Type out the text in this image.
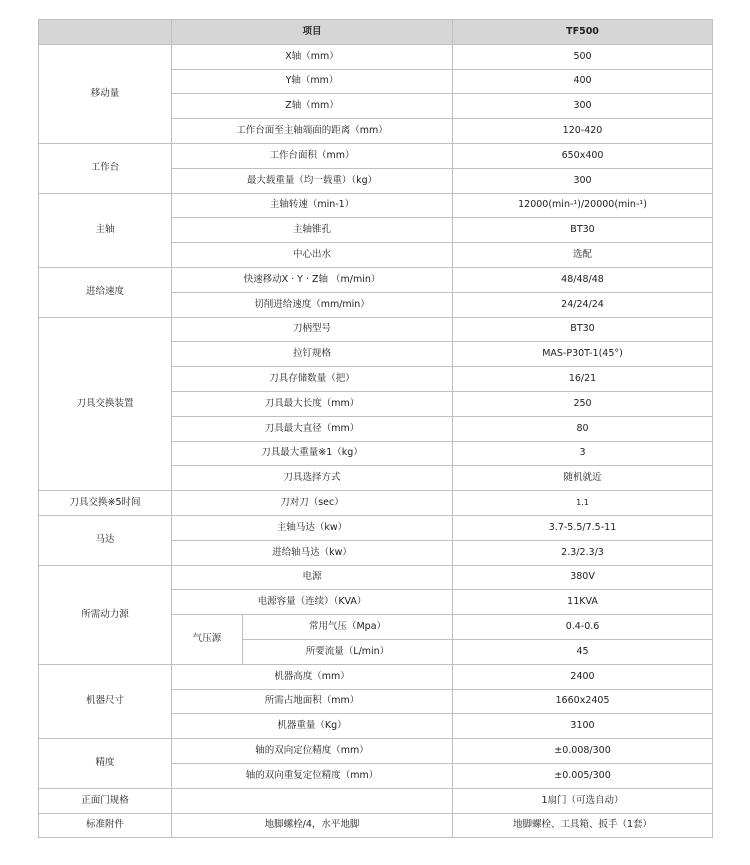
	项目		TF500
移动量	X轴（mm）		500
	Y轴（mm）		400
	Z轴（mm）		300
	工作台面至主轴端面的距离（mm）		120-420
工作台	工作台面积（mm）		650x400
	最大载重量（均一载重）（kg）		300
主轴	主轴转速（min-1）		12000(min-¹)/20000(min-¹)
	主轴锥孔		BT30
	中心出水		选配
进给速度	快速移动X · Y · Z轴 （m/min）		48/48/48
	切削进给速度（mm/min）		24/24/24
刀具交换装置	刀柄型号		BT30
	拉钉规格		MAS-P30T-1(45°)
	刀具存储数量（把）		16/21
	刀具最大长度（mm）		250
	刀具最大直径（mm）		80
	刀具最大重量※1（kg）		3
	刀具选择方式		随机就近
刀具交换※5时间	刀对刀（sec）		1.1
马达	主轴马达（kw）		3.7-5.5/7.5-11
	进给轴马达（kw）		2.3/2.3/3
所需动力源	电源		380V
	电源容量（连续）（KVA）		11KVA
	气压源	常用气压（Mpa）	0.4-0.6
		所要流量（L/min）	45
机器尺寸	机器高度（mm）		2400
	所需占地面积（mm）		1660x2405
	机器重量（Kg）		3100
精度	轴的双向定位精度（mm）		±0.008/300
	轴的双向重复定位精度（mm）		±0.005/300
正面门规格			1扇门（可选自动）
标准附件	地脚螺栓/4，水平地脚		地脚螺栓、工具箱、扳手（1套）
